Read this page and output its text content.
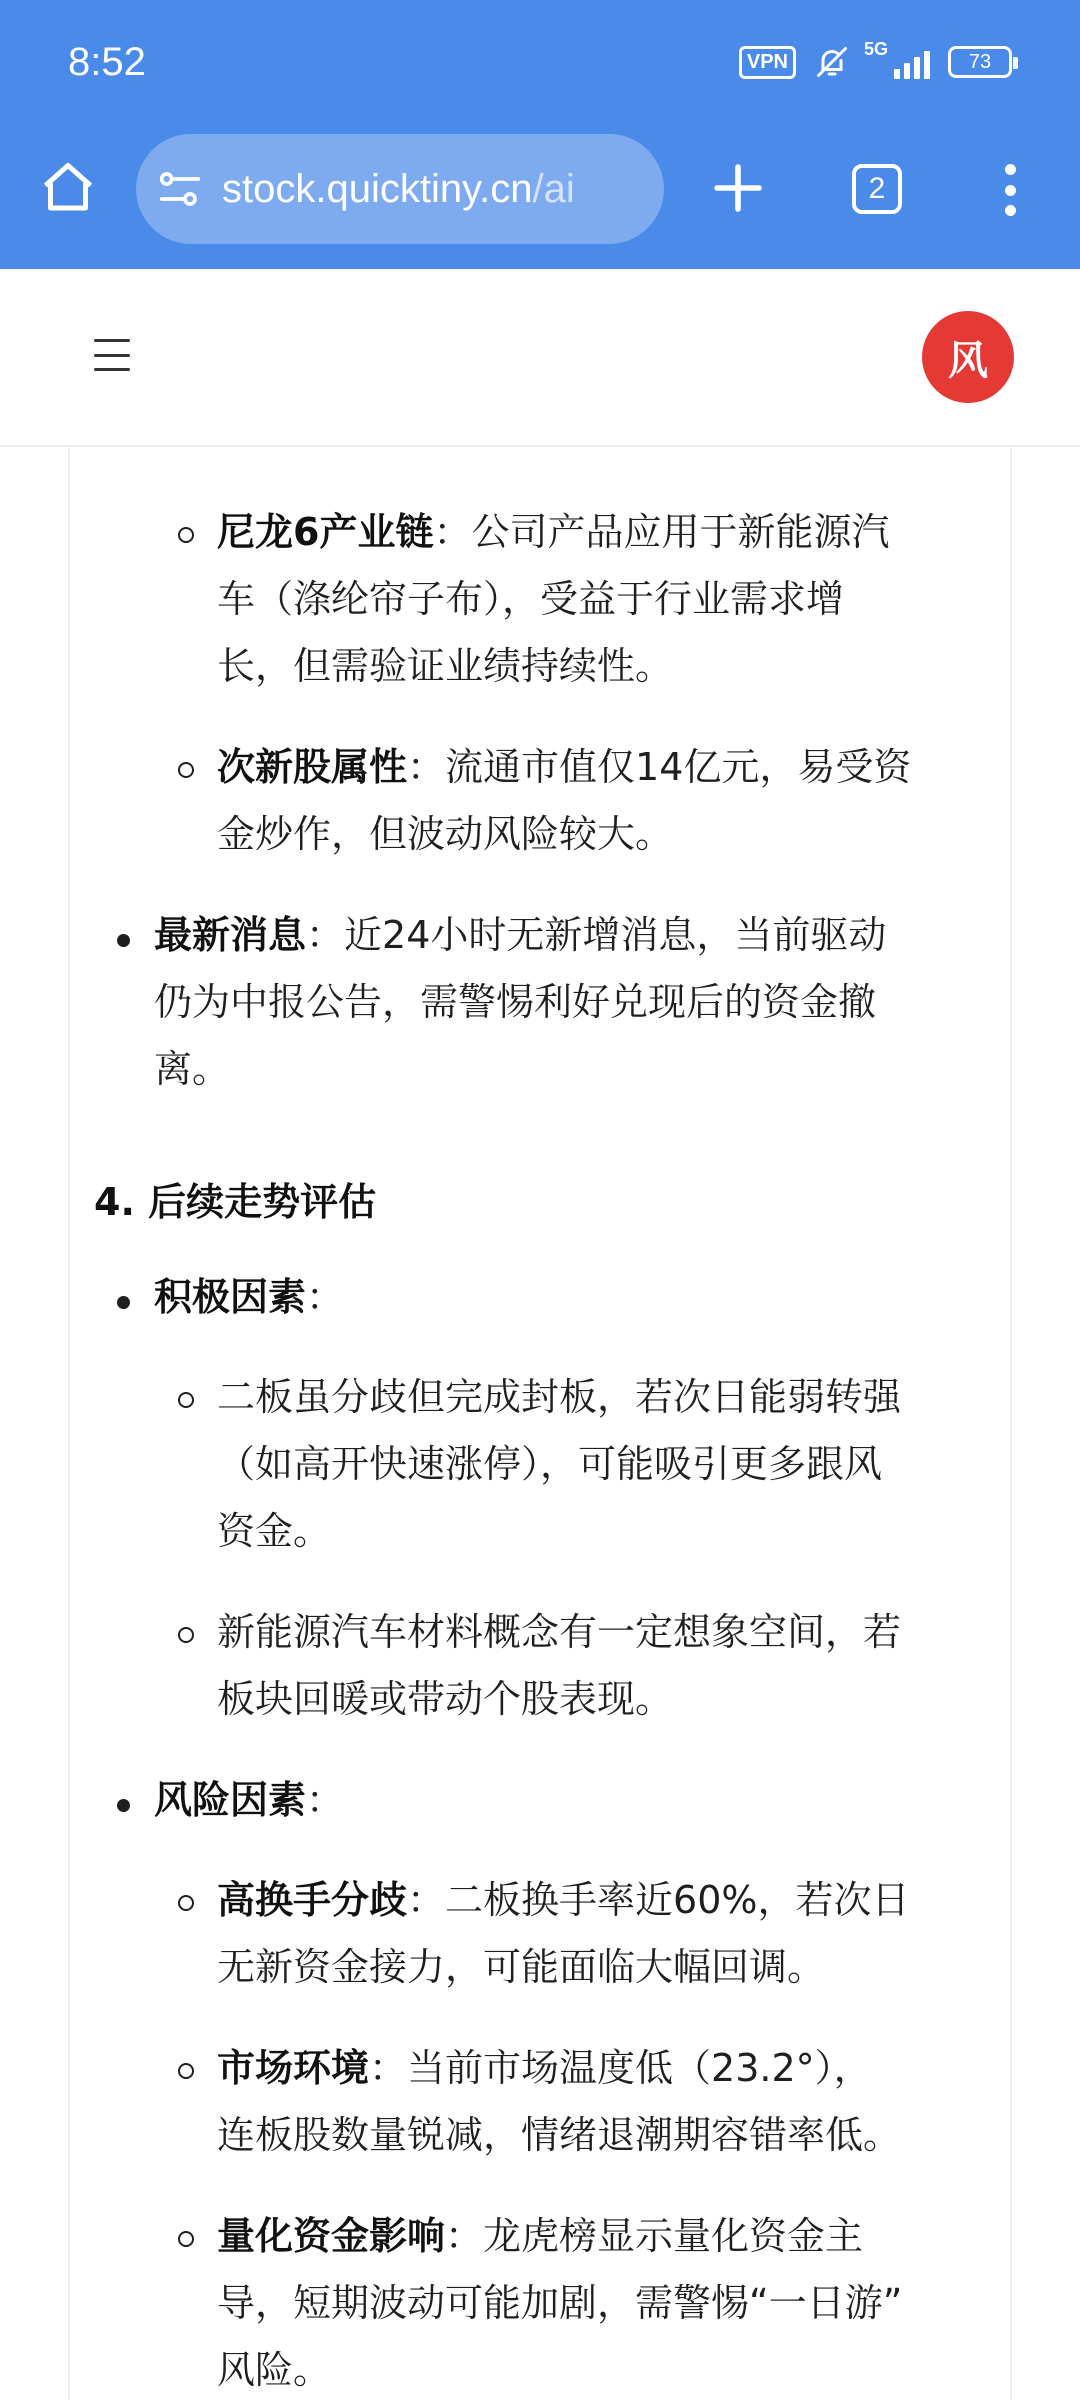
8:52	VPN
5G
73
stock.quicktiny.cn/ai	2
风
尼龙6产业链：公司产品应用于新能源汽
车（涤纶帘子布），受益于行业需求增
长，但需验证业绩持续性。
次新股属性：流通市值仅14亿元，易受资
金炒作，但波动风险较大。
最新消息：近24小时无新增消息，当前驱动
仍为中报公告，需警惕利好兑现后的资金撤
离。
4. 后续走势评估
积极因素：
二板虽分歧但完成封板，若次日能弱转强
（如高开快速涨停），可能吸引更多跟风
资金。
新能源汽车材料概念有一定想象空间，若
板块回暖或带动个股表现。
风险因素：
高换手分歧：二板换手率近60%，若次日
无新资金接力，可能面临大幅回调。
市场环境：当前市场温度低（23.2°），
连板股数量锐减，情绪退潮期容错率低。
量化资金影响：龙虎榜显示量化资金主
导，短期波动可能加剧，需警惕“一日游”
风险。
